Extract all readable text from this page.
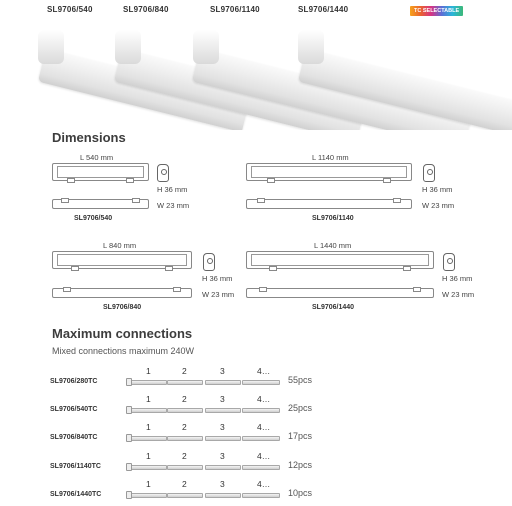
SL9706/540	SL9706/840	SL9706/1140	SL9706/1440	TC SELECTABLE
Dimensions
L 540 mm
H 36 mm
W 23 mm
SL9706/540
L 1140 mm
H 36 mm
W 23 mm
SL9706/1140
L 840 mm
H 36 mm
W 23 mm
SL9706/840
L 1440 mm
H 36 mm
W 23 mm
SL9706/1440
Maximum connections
Mixed connections maximum 240W
SL9706/280TC
1	2	3	4…
55pcs
SL9706/540TC
1	2	3	4…
25pcs
SL9706/840TC
1	2	3	4…
17pcs
SL9706/1140TC
1	2	3	4…
12pcs
SL9706/1440TC
1	2	3	4…
10pcs
